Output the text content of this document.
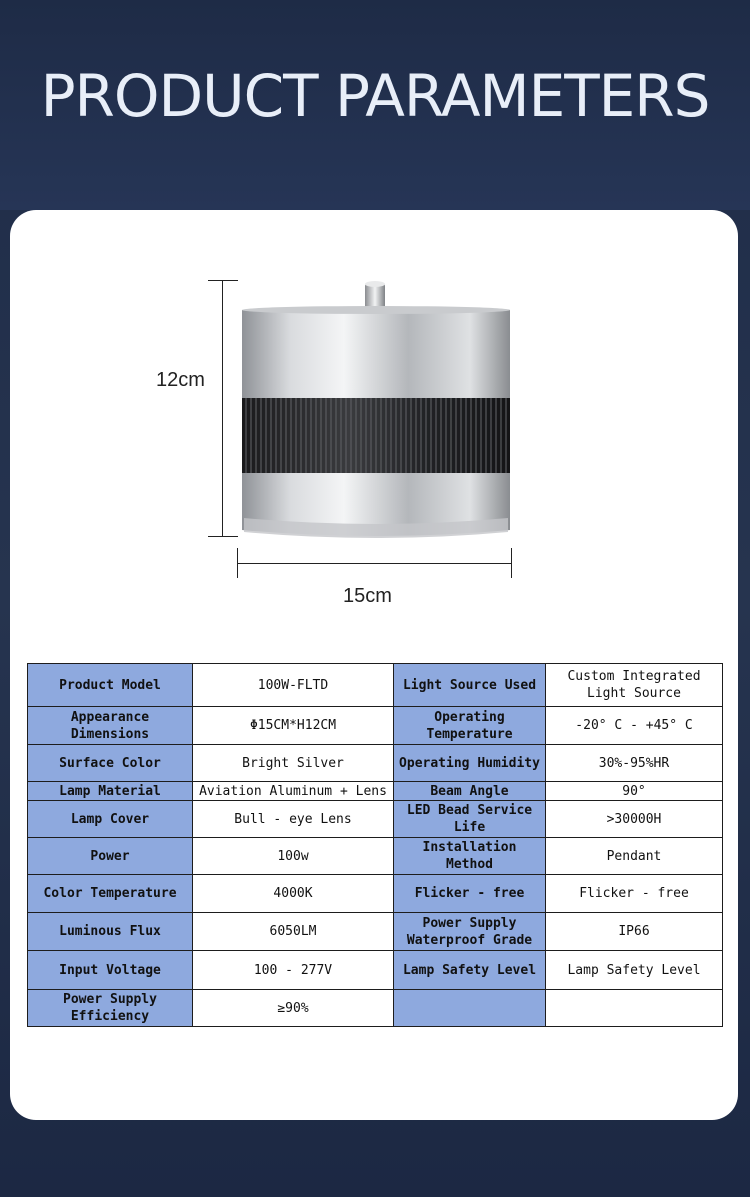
PRODUCT PARAMETERS
12cm
15cm
Product Model	100W-FLTD	Light Source Used	Custom Integrated Light Source
Appearance Dimensions	Φ15CM*H12CM	Operating Temperature	-20° C - +45° C
Surface Color	Bright Silver	Operating Humidity	30%-95%HR
Lamp Material	Aviation Aluminum + Lens	Beam Angle	90°
Lamp Cover	Bull - eye Lens	LED Bead Service Life	>30000H
Power	100w	Installation Method	Pendant
Color Temperature	4000K	Flicker - free	Flicker - free
Luminous Flux	6050LM	Power Supply Waterproof Grade	IP66
Input Voltage	100 - 277V	Lamp Safety Level	Lamp Safety Level
Power Supply Efficiency	≥90%		
